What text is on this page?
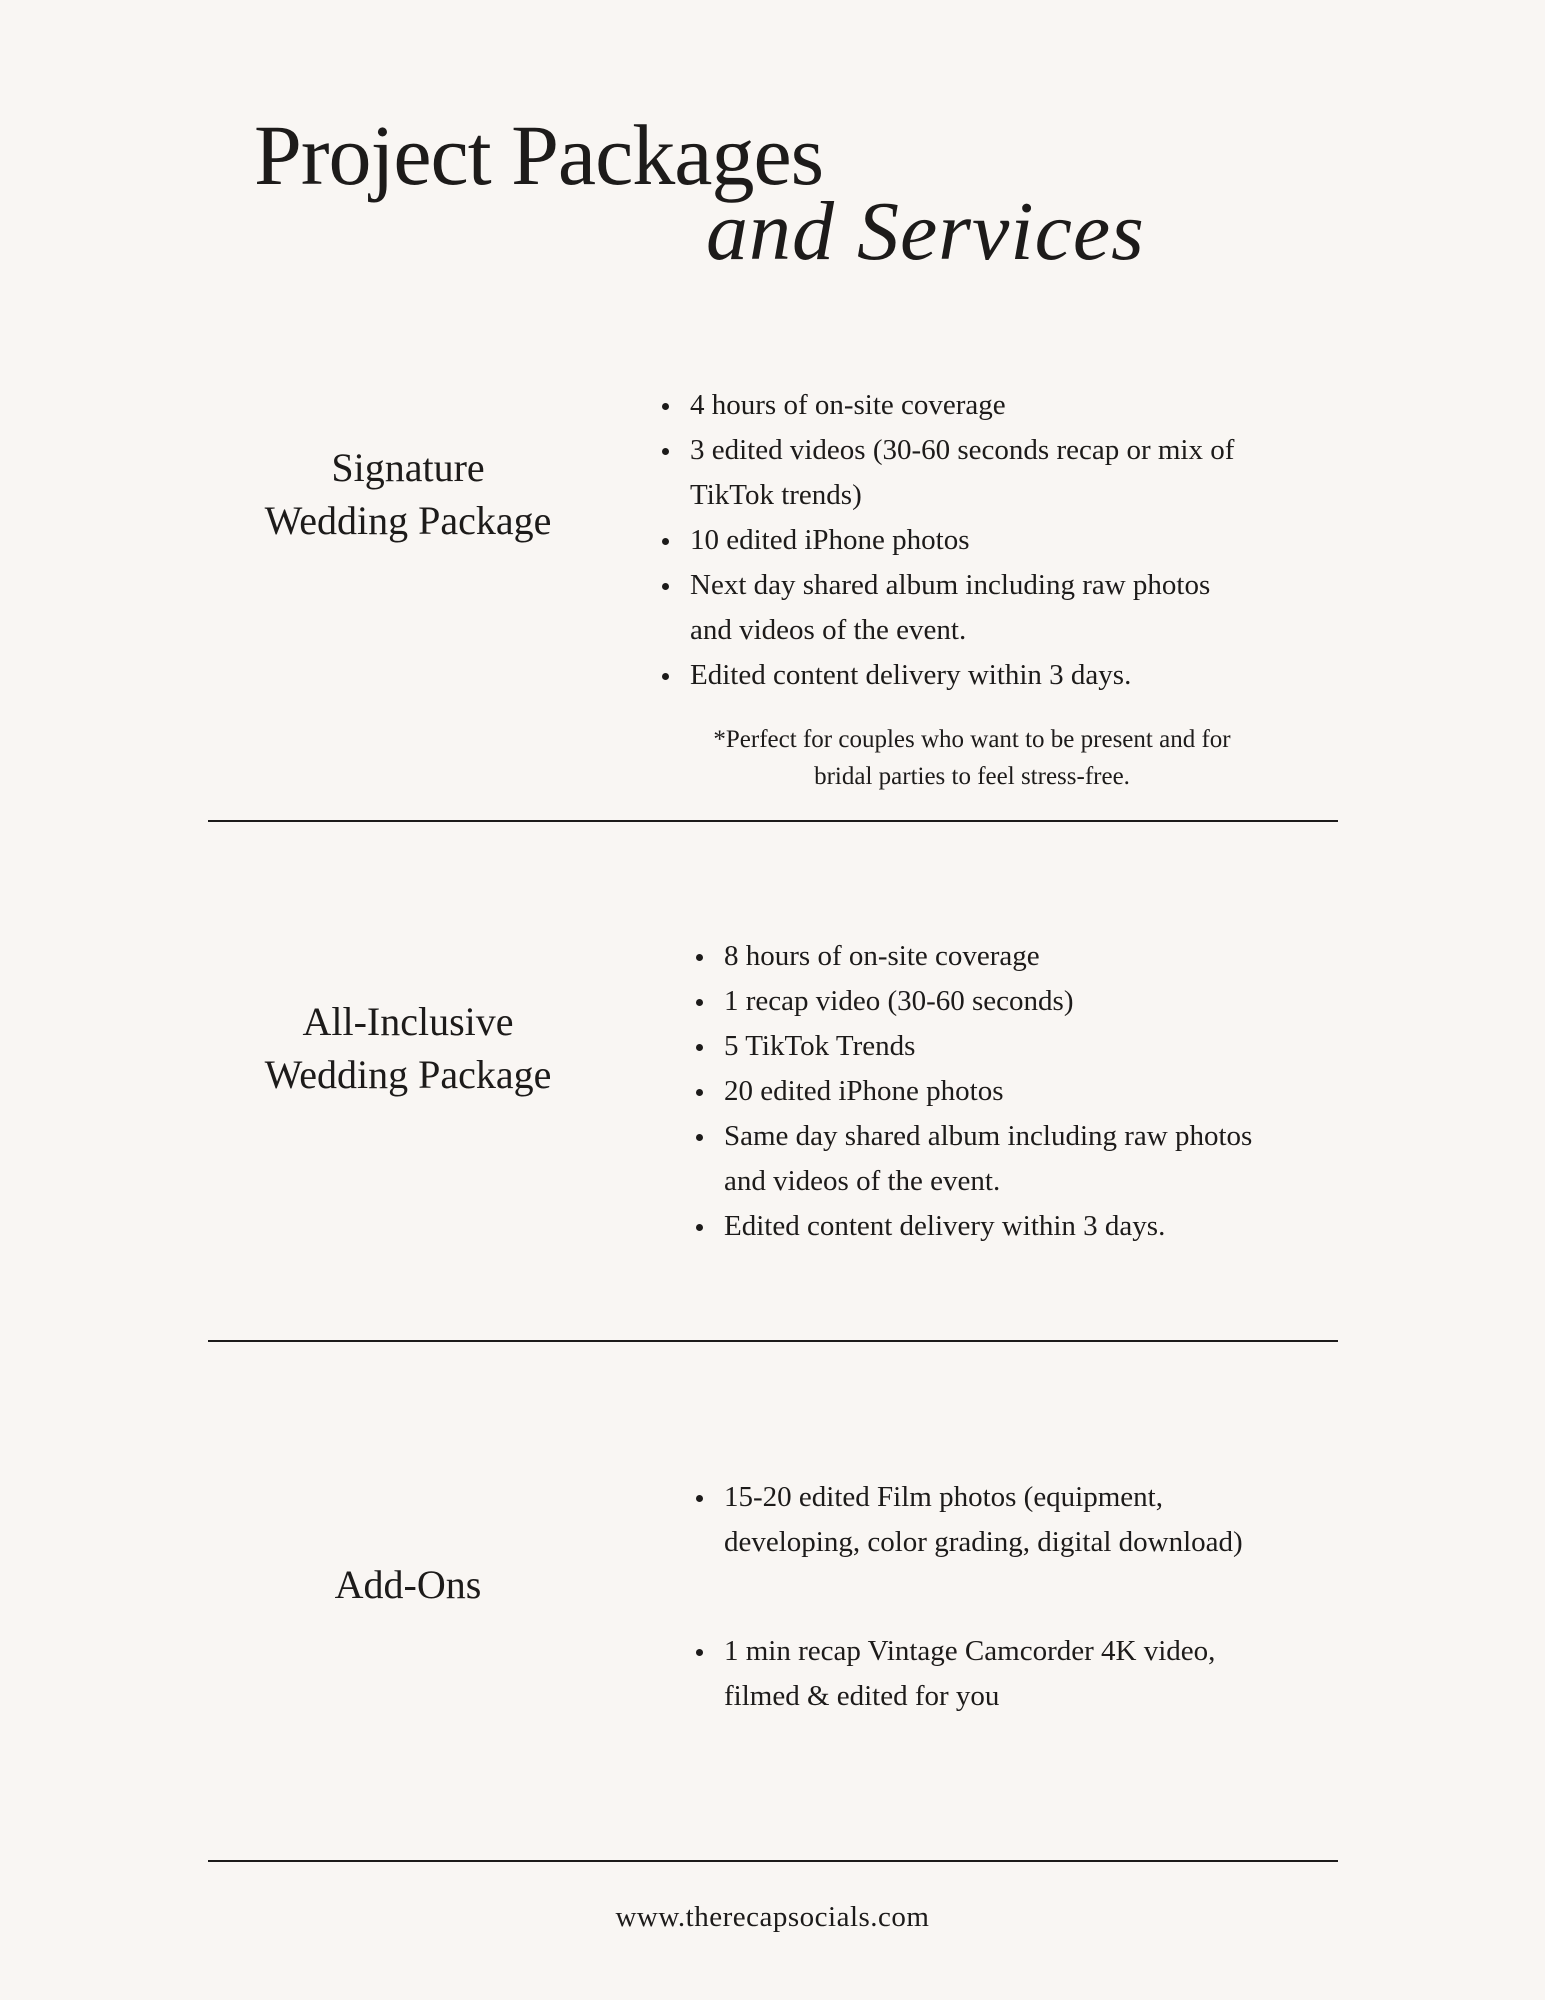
Project Packages
and Services
Signature
Wedding Package
4 hours of on-site coverage
3 edited videos (30-60 seconds recap or mix of
TikTok trends)
10 edited iPhone photos
Next day shared album including raw photos
and videos of the event.
Edited content delivery within 3 days.

*Perfect for couples who want to be present and for
bridal parties to feel stress-free.

All-Inclusive
Wedding Package
8 hours of on-site coverage
1 recap video (30-60 seconds)
5 TikTok Trends
20 edited iPhone photos
Same day shared album including raw photos
and videos of the event.
Edited content delivery within 3 days.
Add-Ons
15-20 edited Film photos (equipment,
developing, color grading, digital download)
1 min recap Vintage Camcorder 4K video,
filmed & edited for you

www.therecapsocials.com
